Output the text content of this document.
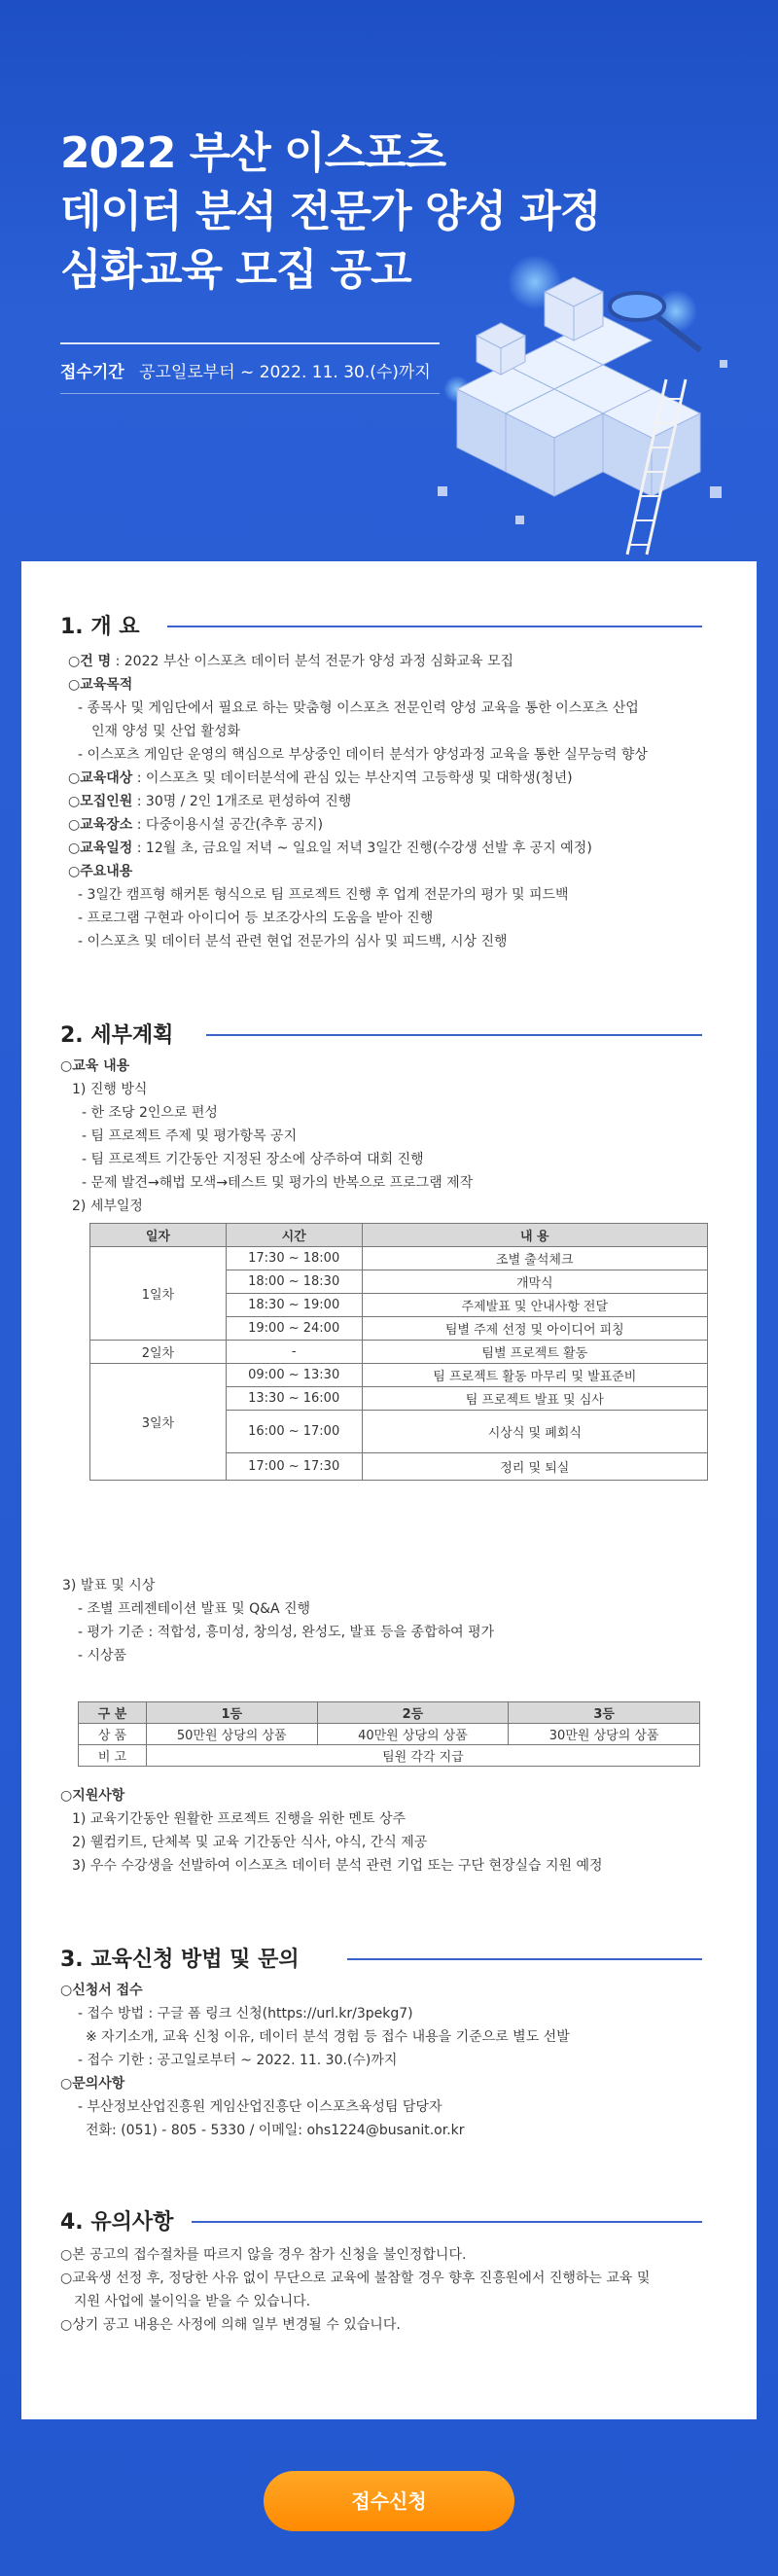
2022 부산 이스포츠
데이터 분석 전문가 양성 과정
심화교육 모집 공고
접수기간 공고일로부터 ~ 2022. 11. 30.(수)까지
1. 개 요
○건 명 : 2022 부산 이스포츠 데이터 분석 전문가 양성 과정 심화교육 모집
○교육목적
- 종목사 및 게임단에서 필요로 하는 맞춤형 이스포츠 전문인력 양성 교육을 통한 이스포츠 산업
인재 양성 및 산업 활성화
- 이스포츠 게임단 운영의 핵심으로 부상중인 데이터 분석가 양성과정 교육을 통한 실무능력 향상
○교육대상 : 이스포츠 및 데이터분석에 관심 있는 부산지역 고등학생 및 대학생(청년)
○모집인원 : 30명 / 2인 1개조로 편성하여 진행
○교육장소 : 다중이용시설 공간(추후 공지)
○교육일정 : 12월 초, 금요일 저녁 ~ 일요일 저녁 3일간 진행(수강생 선발 후 공지 예정)
○주요내용
- 3일간 캠프형 해커톤 형식으로 팀 프로젝트 진행 후 업계 전문가의 평가 및 피드백
- 프로그램 구현과 아이디어 등 보조강사의 도움을 받아 진행
- 이스포츠 및 데이터 분석 관련 현업 전문가의 심사 및 피드백, 시상 진행
2. 세부계획
○교육 내용
1) 진행 방식
- 한 조당 2인으로 편성
- 팀 프로젝트 주제 및 평가항목 공지
- 팀 프로젝트 기간동안 지정된 장소에 상주하여 대회 진행
- 문제 발견→해법 모색→테스트 및 평가의 반복으로 프로그램 제작
2) 세부일정
일자	시간	내 용
1일차	17:30 ~ 18:00	조별 출석체크
	18:00 ~ 18:30	개막식
	18:30 ~ 19:00	주제발표 및 안내사항 전달
	19:00 ~ 24:00	팀별 주제 선정 및 아이디어 피칭
2일차	-	팀별 프로젝트 활동
3일차	09:00 ~ 13:30	팀 프로젝트 활동 마무리 및 발표준비
	13:30 ~ 16:00	팀 프로젝트 발표 및 심사
	16:00 ~ 17:00	시상식 및 폐회식
	17:00 ~ 17:30	정리 및 퇴실
3) 발표 및 시상
- 조별 프레젠테이션 발표 및 Q&A 진행
- 평가 기준 : 적합성, 흥미성, 창의성, 완성도, 발표 등을 종합하여 평가
- 시상품
구 분	1등	2등	3등
상 품	50만원 상당의 상품	40만원 상당의 상품	30만원 상당의 상품
비 고	팀원 각각 지급		
○지원사항
1) 교육기간동안 원활한 프로젝트 진행을 위한 멘토 상주
2) 웰컴키트, 단체복 및 교육 기간동안 식사, 야식, 간식 제공
3) 우수 수강생을 선발하여 이스포츠 데이터 분석 관련 기업 또는 구단 현장실습 지원 예정
3. 교육신청 방법 및 문의
○신청서 접수
- 접수 방법 : 구글 폼 링크 신청(https://url.kr/3pekg7)
※ 자기소개, 교육 신청 이유, 데이터 분석 경험 등 접수 내용을 기준으로 별도 선발
- 접수 기한 : 공고일로부터 ~ 2022. 11. 30.(수)까지
○문의사항
- 부산정보산업진흥원 게임산업진흥단 이스포츠육성팀 담당자
전화: (051) - 805 - 5330 / 이메일: ohs1224@busanit.or.kr
4. 유의사항
○본 공고의 접수절차를 따르지 않을 경우 참가 신청을 불인정합니다.
○교육생 선정 후, 정당한 사유 없이 무단으로 교육에 불참할 경우 향후 진흥원에서 진행하는 교육 및
지원 사업에 불이익을 받을 수 있습니다.
○상기 공고 내용은 사정에 의해 일부 변경될 수 있습니다.
접수신청
